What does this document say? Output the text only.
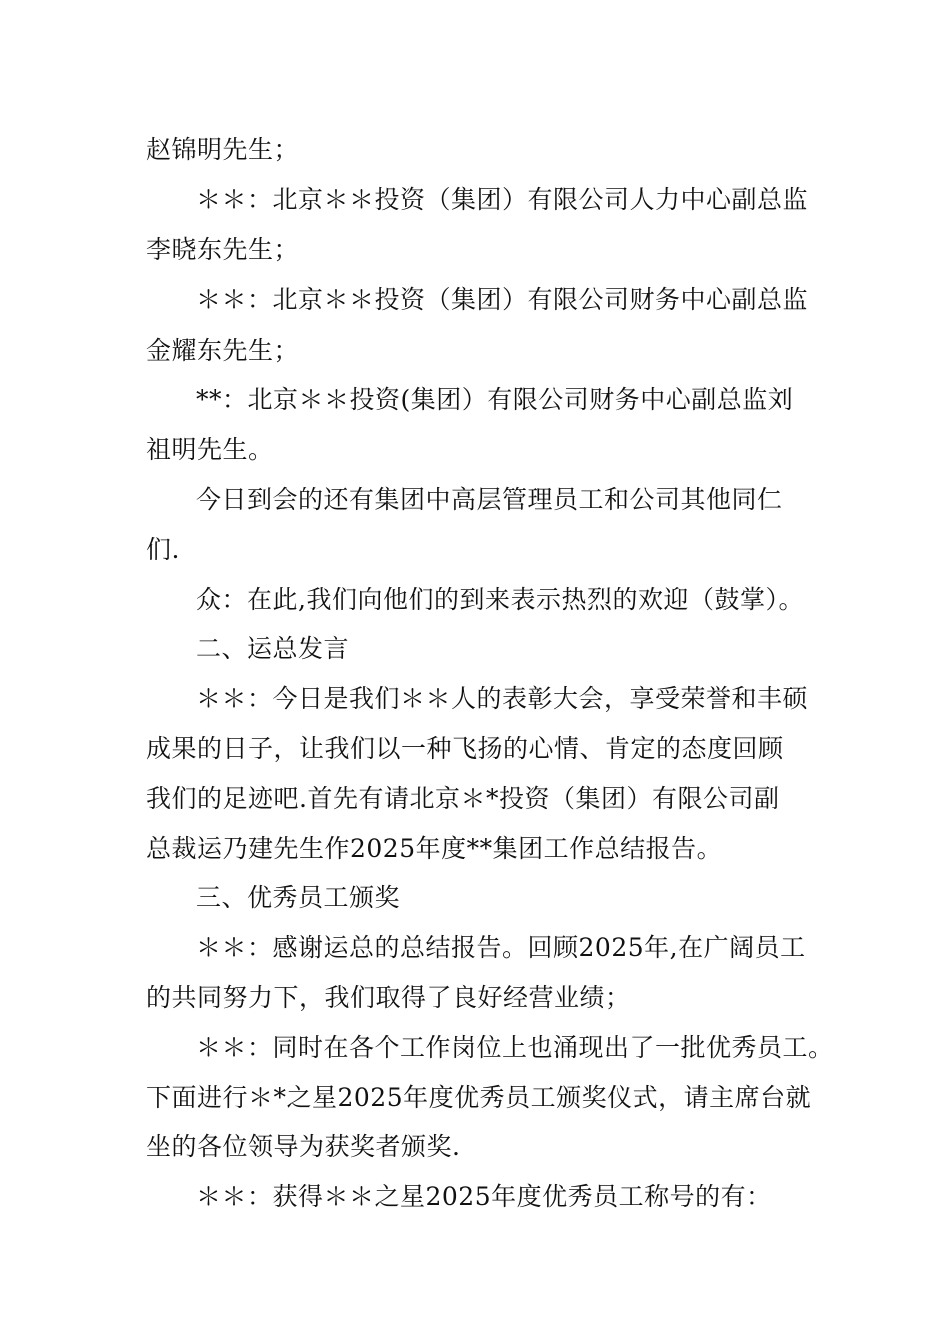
赵锦明先生；
＊＊：北京＊＊投资（集团）有限公司人力中心副总监
李晓东先生；
＊＊：北京＊＊投资（集团）有限公司财务中心副总监
金耀东先生；
**：北京＊＊投资(集团）有限公司财务中心副总监刘
祖明先生。
今日到会的还有集团中高层管理员工和公司其他同仁
们.
众：在此,我们向他们的到来表示热烈的欢迎（鼓掌）。
二、运总发言
＊＊：今日是我们＊＊人的表彰大会，享受荣誉和丰硕
成果的日子，让我们以一种飞扬的心情、肯定的态度回顾
我们的足迹吧.首先有请北京＊*投资（集团）有限公司副
总裁运乃建先生作2025年度**集团工作总结报告。
三、优秀员工颁奖
＊＊：感谢运总的总结报告。回顾2025年,在广阔员工
的共同努力下，我们取得了良好经营业绩；
＊＊：同时在各个工作岗位上也涌现出了一批优秀员工。
下面进行＊*之星2025年度优秀员工颁奖仪式，请主席台就
坐的各位领导为获奖者颁奖.
＊＊：获得＊＊之星2025年度优秀员工称号的有：
